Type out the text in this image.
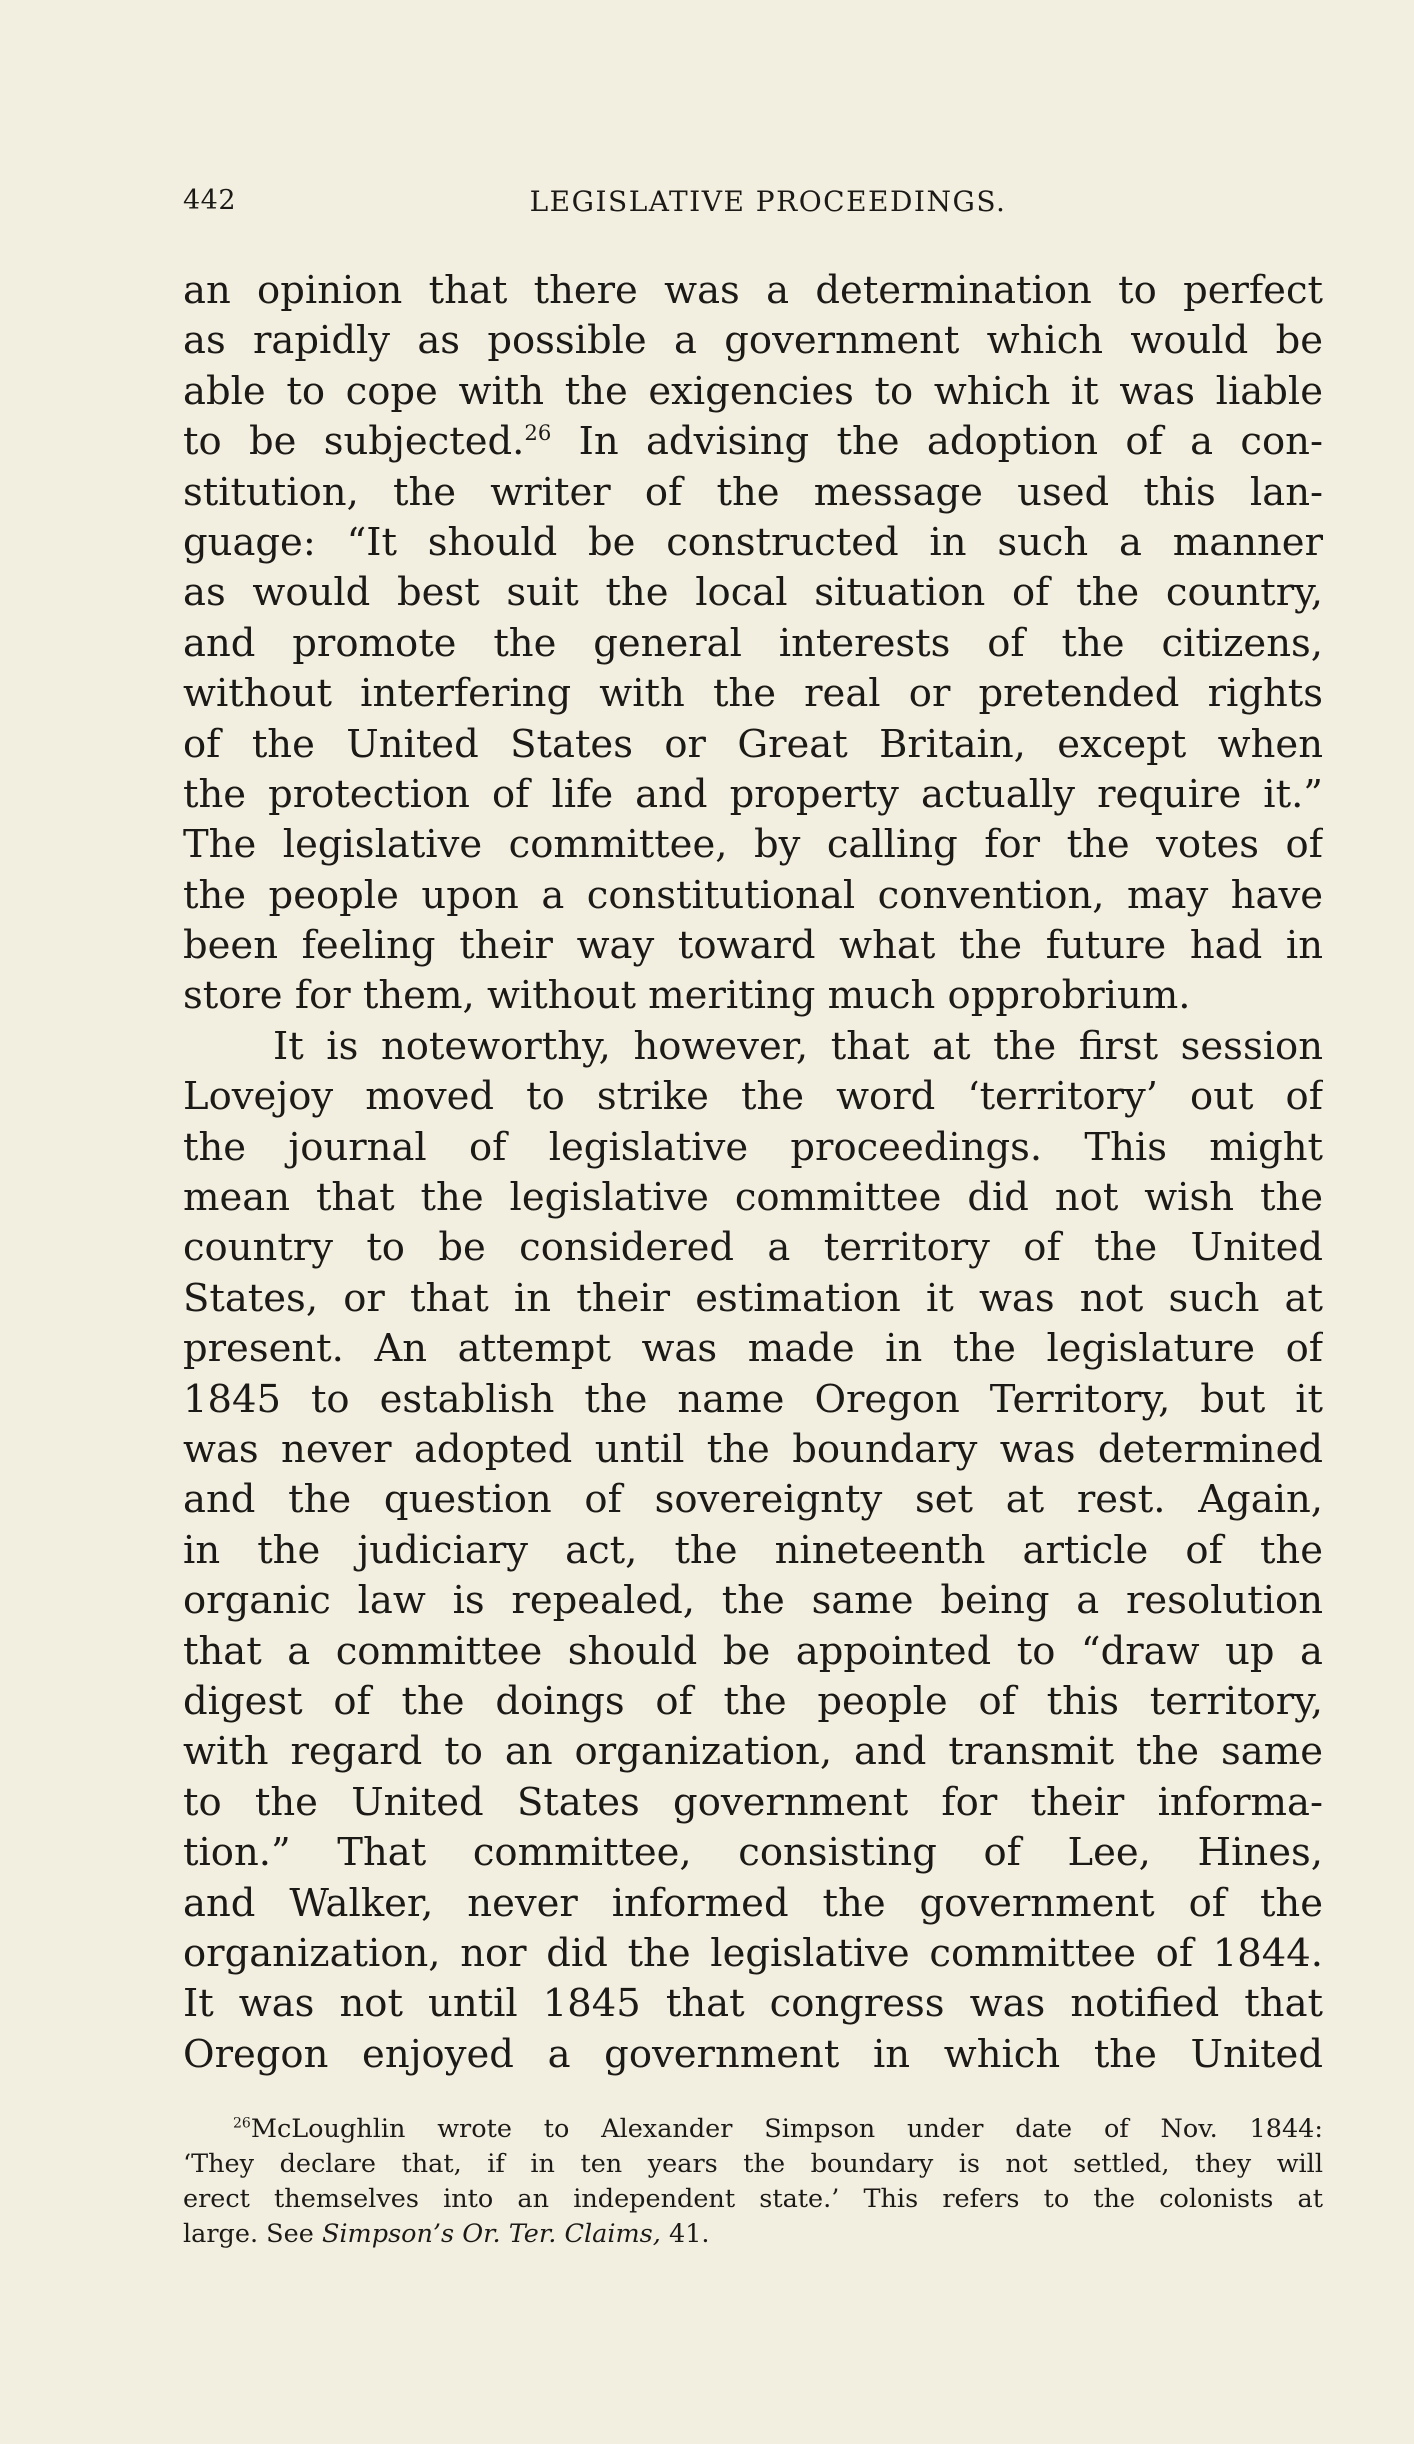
442	LEGISLATIVE PROCEEDINGS.
an opinion that there was a determination to perfect
as rapidly as possible a government which would be
able to cope with the exigencies to which it was liable
to be subjected.$^{26}$ In advising the adoption of a con-
stitution, the writer of the message used this lan-
guage: “It should be constructed in such a manner
as would best suit the local situation of the country,
and promote the general interests of the citizens,
without interfering with the real or pretended rights
of the United States or Great Britain, except when
the protection of life and property actually require it.”
The legislative committee, by calling for the votes of
the people upon a constitutional convention, may have
been feeling their way toward what the future had in
store for them, without meriting much opprobrium.
It is noteworthy, however, that at the first session
Lovejoy moved to strike the word ‘territory’ out of
the journal of legislative proceedings. This might
mean that the legislative committee did not wish the
country to be considered a territory of the United
States, or that in their estimation it was not such at
present. An attempt was made in the legislature of
1845 to establish the name Oregon Territory, but it
was never adopted until the boundary was determined
and the question of sovereignty set at rest. Again,
in the judiciary act, the nineteenth article of the
organic law is repealed, the same being a resolution
that a committee should be appointed to “draw up a
digest of the doings of the people of this territory,
with regard to an organization, and transmit the same
to the United States government for their informa-
tion.” That committee, consisting of Lee, Hines,
and Walker, never informed the government of the
organization, nor did the legislative committee of 1844.
It was not until 1845 that congress was notified that
Oregon enjoyed a government in which the United
$^{26}$McLoughlin wrote to Alexander Simpson under date of Nov. 1844:
‘They declare that, if in ten years the boundary is not settled, they will
erect themselves into an independent state.’ This refers to the colonists at
large. See Simpson’s Or. Ter. Claims, 41.
